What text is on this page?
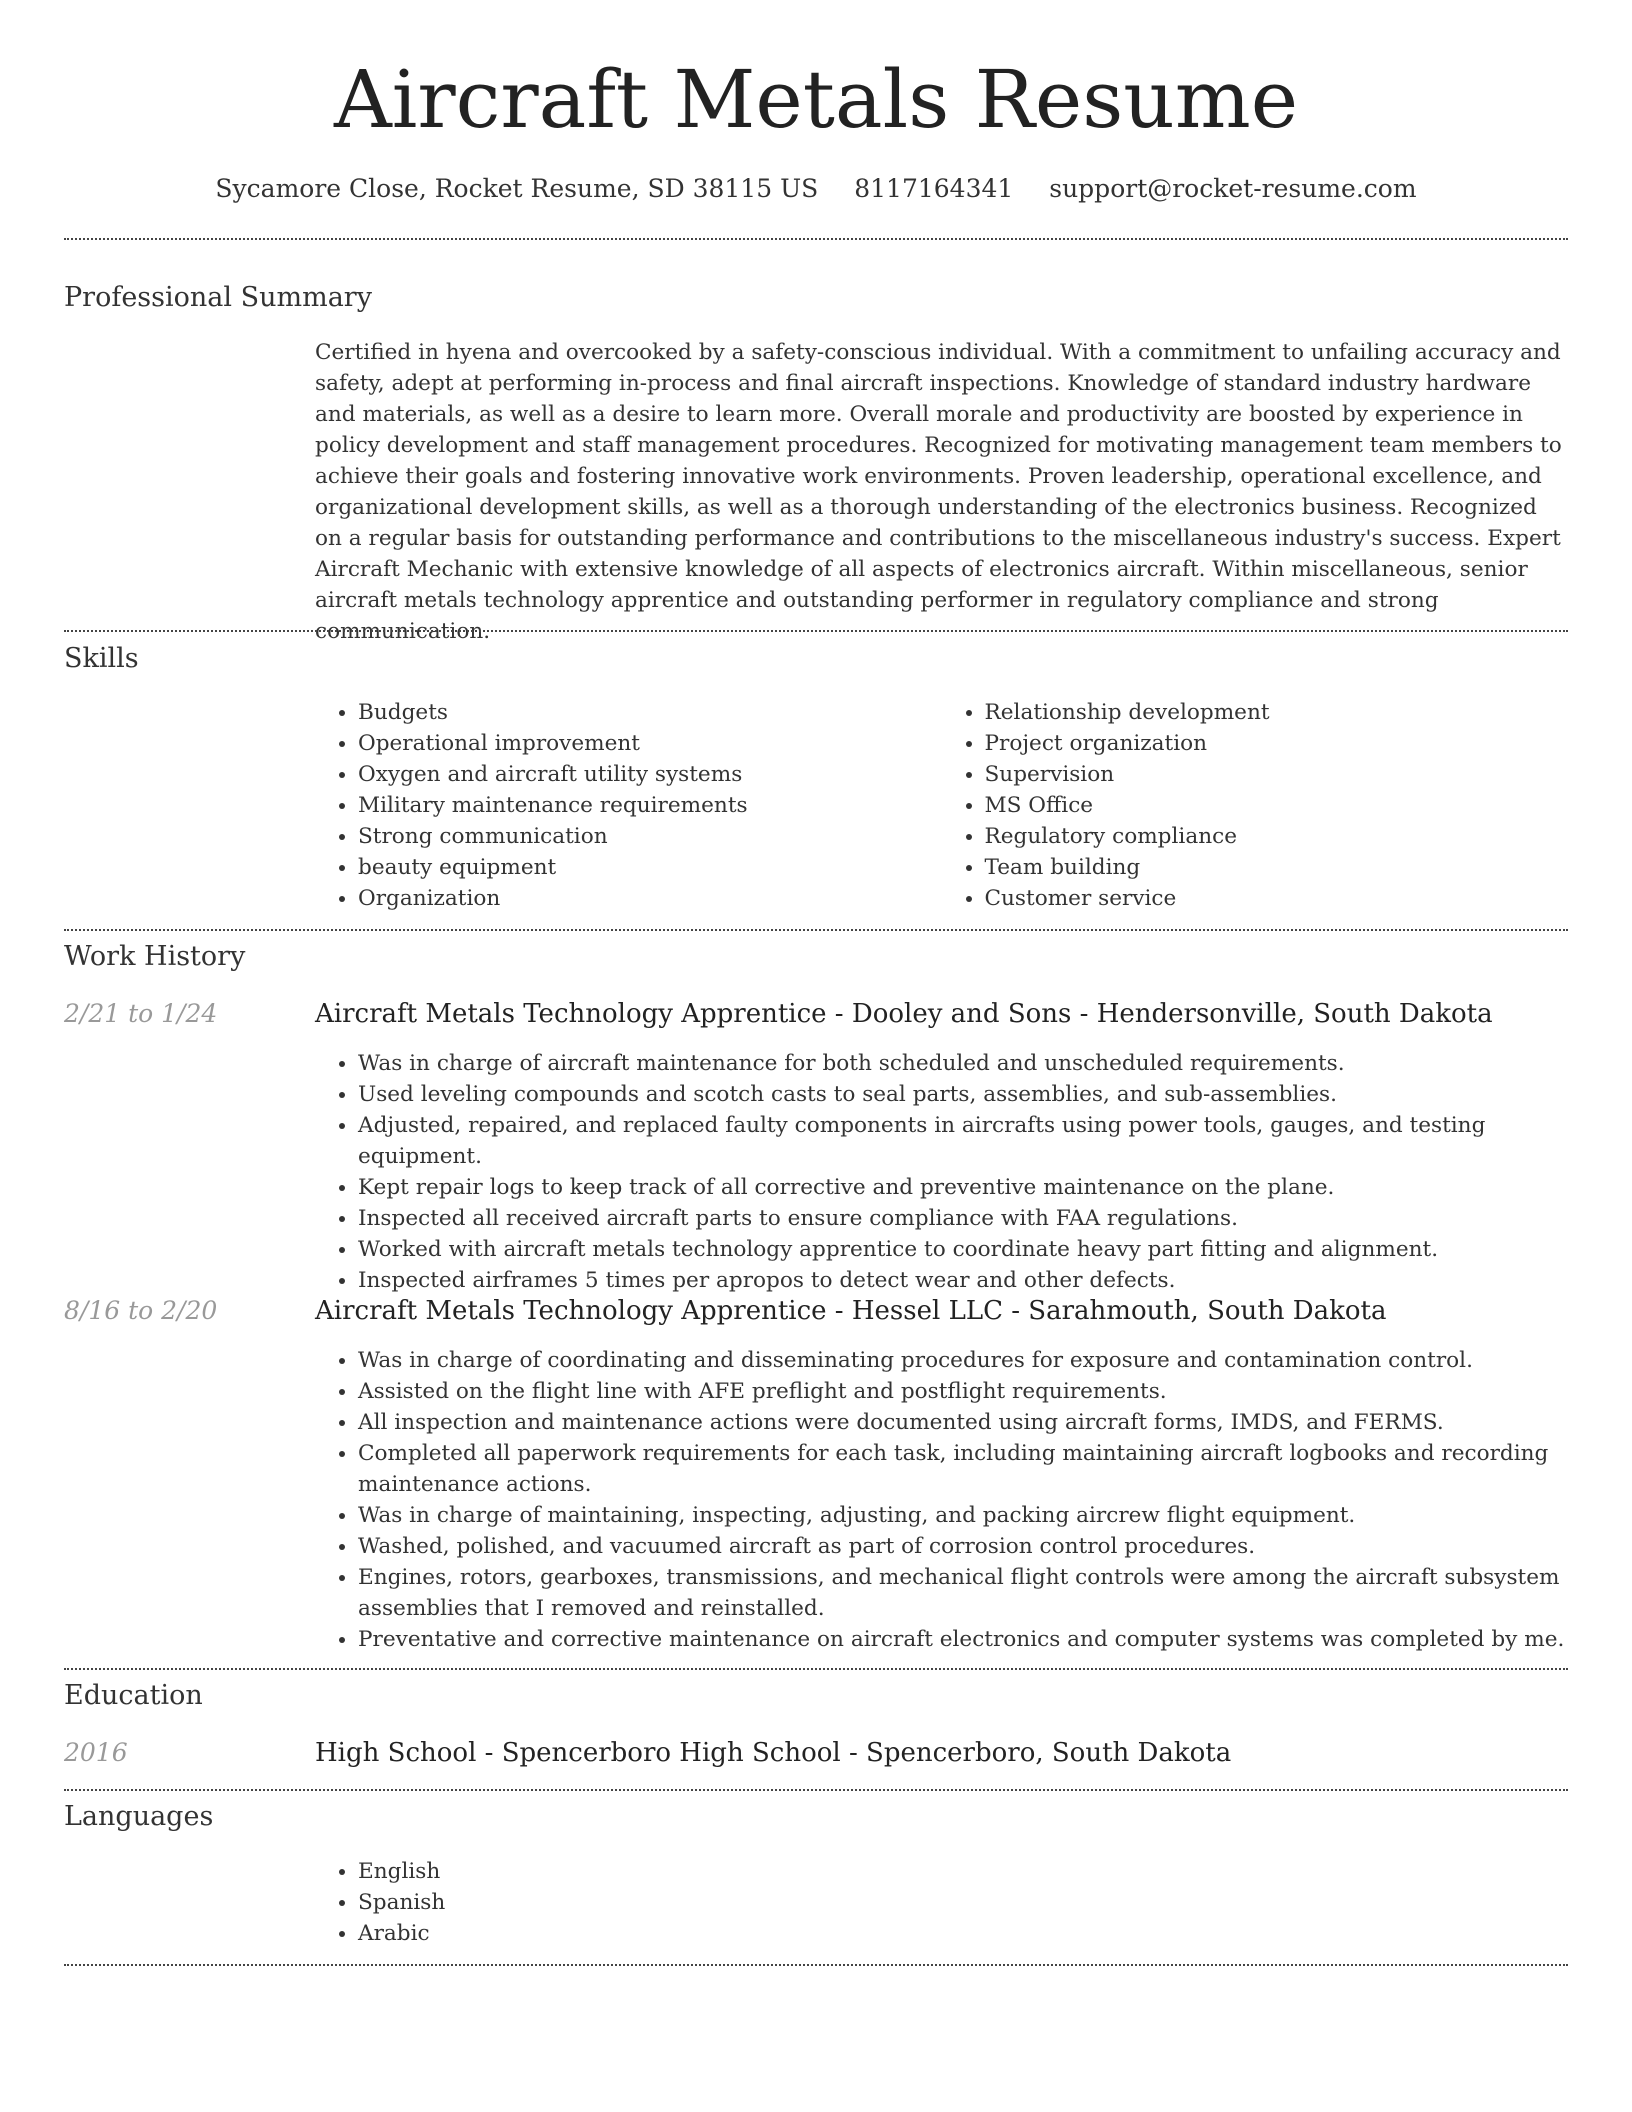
Aircraft Metals Resume
Sycamore Close, Rocket Resume, SD 38115 US 8117164341 support@rocket-resume.com
Professional Summary

Certified in hyena and overcooked by a safety-conscious individual. With a commitment to unfailing accuracy and safety, adept at performing in-process and final aircraft inspections. Knowledge of standard industry hardware and materials, as well as a desire to learn more. Overall morale and productivity are boosted by experience in policy development and staff management procedures. Recognized for motivating management team members to achieve their goals and fostering innovative work environments. Proven leadership, operational excellence, and organizational development skills, as well as a thorough understanding of the electronics business. Recognized on a regular basis for outstanding performance and contributions to the miscellaneous industry's success. Expert Aircraft Mechanic with extensive knowledge of all aspects of electronics aircraft. Within miscellaneous, senior aircraft metals technology apprentice and outstanding performer in regulatory compliance and strong communication.

Skills
• Budgets
• Operational improvement
• Oxygen and aircraft utility systems
• Military maintenance requirements
• Strong communication
• beauty equipment
• Organization
• Relationship development
• Project organization
• Supervision
• MS Office
• Regulatory compliance
• Team building
• Customer service
Work History
2/21 to 1/24	Aircraft Metals Technology Apprentice - Dooley and Sons - Hendersonville, South Dakota
• Was in charge of aircraft maintenance for both scheduled and unscheduled requirements.
• Used leveling compounds and scotch casts to seal parts, assemblies, and sub-assemblies.
• Adjusted, repaired, and replaced faulty components in aircrafts using power tools, gauges, and testing equipment.
• Kept repair logs to keep track of all corrective and preventive maintenance on the plane.
• Inspected all received aircraft parts to ensure compliance with FAA regulations.
• Worked with aircraft metals technology apprentice to coordinate heavy part fitting and alignment.
• Inspected airframes 5 times per apropos to detect wear and other defects.
8/16 to 2/20	Aircraft Metals Technology Apprentice - Hessel LLC - Sarahmouth, South Dakota
• Was in charge of coordinating and disseminating procedures for exposure and contamination control.
• Assisted on the flight line with AFE preflight and postflight requirements.
• All inspection and maintenance actions were documented using aircraft forms, IMDS, and FERMS.
• Completed all paperwork requirements for each task, including maintaining aircraft logbooks and recording maintenance actions.
• Was in charge of maintaining, inspecting, adjusting, and packing aircrew flight equipment.
• Washed, polished, and vacuumed aircraft as part of corrosion control procedures.
• Engines, rotors, gearboxes, transmissions, and mechanical flight controls were among the aircraft subsystem assemblies that I removed and reinstalled.
• Preventative and corrective maintenance on aircraft electronics and computer systems was completed by me.
Education
2016	High School - Spencerboro High School - Spencerboro, South Dakota
Languages
• English
• Spanish
• Arabic
